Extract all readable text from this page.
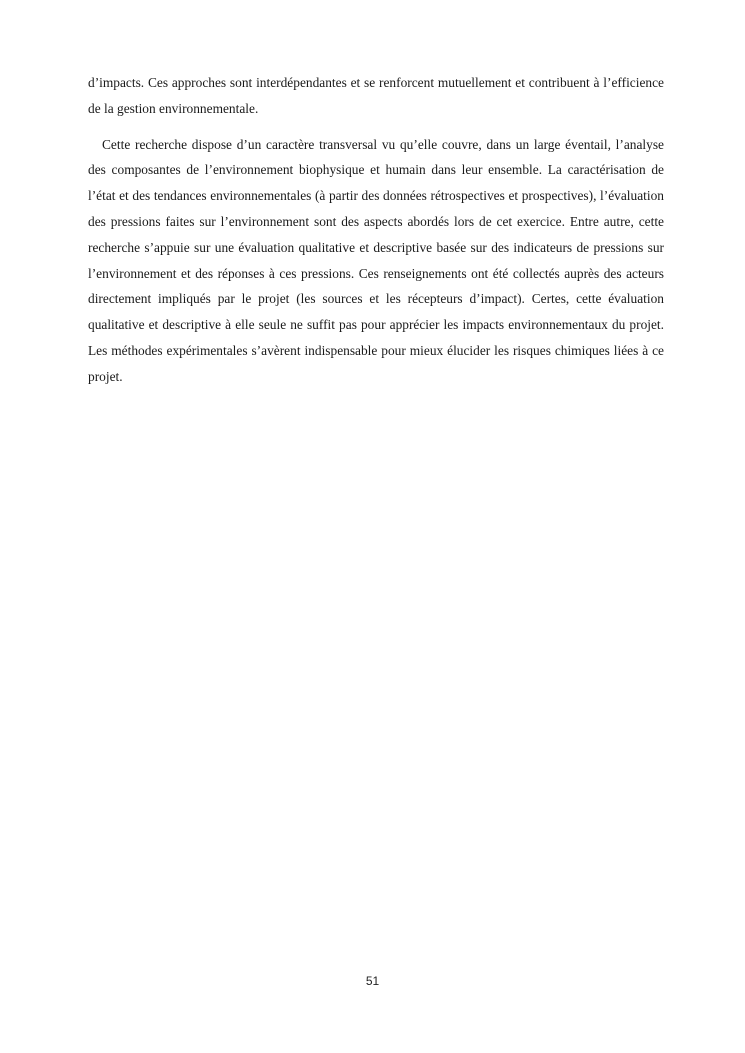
d’impacts. Ces approches sont interdépendantes et se renforcent mutuellement et contribuent à l’efficience de la gestion environnementale.

Cette recherche dispose d’un caractère transversal vu qu’elle couvre, dans un large éventail, l’analyse des composantes de l’environnement biophysique et humain dans leur ensemble. La caractérisation de l’état et des tendances environnementales (à partir des données rétrospectives et prospectives), l’évaluation des pressions faites sur l’environnement sont des aspects abordés lors de cet exercice. Entre autre, cette recherche s’appuie sur une évaluation qualitative et descriptive basée sur des indicateurs de pressions sur l’environnement et des réponses à ces pressions. Ces renseignements ont été collectés auprès des acteurs directement impliqués par le projet (les sources et les récepteurs d’impact). Certes, cette évaluation qualitative et descriptive à elle seule ne suffit pas pour apprécier les impacts environnementaux du projet. Les méthodes expérimentales s’avèrent indispensable pour mieux élucider les risques chimiques liées à ce projet.

51
